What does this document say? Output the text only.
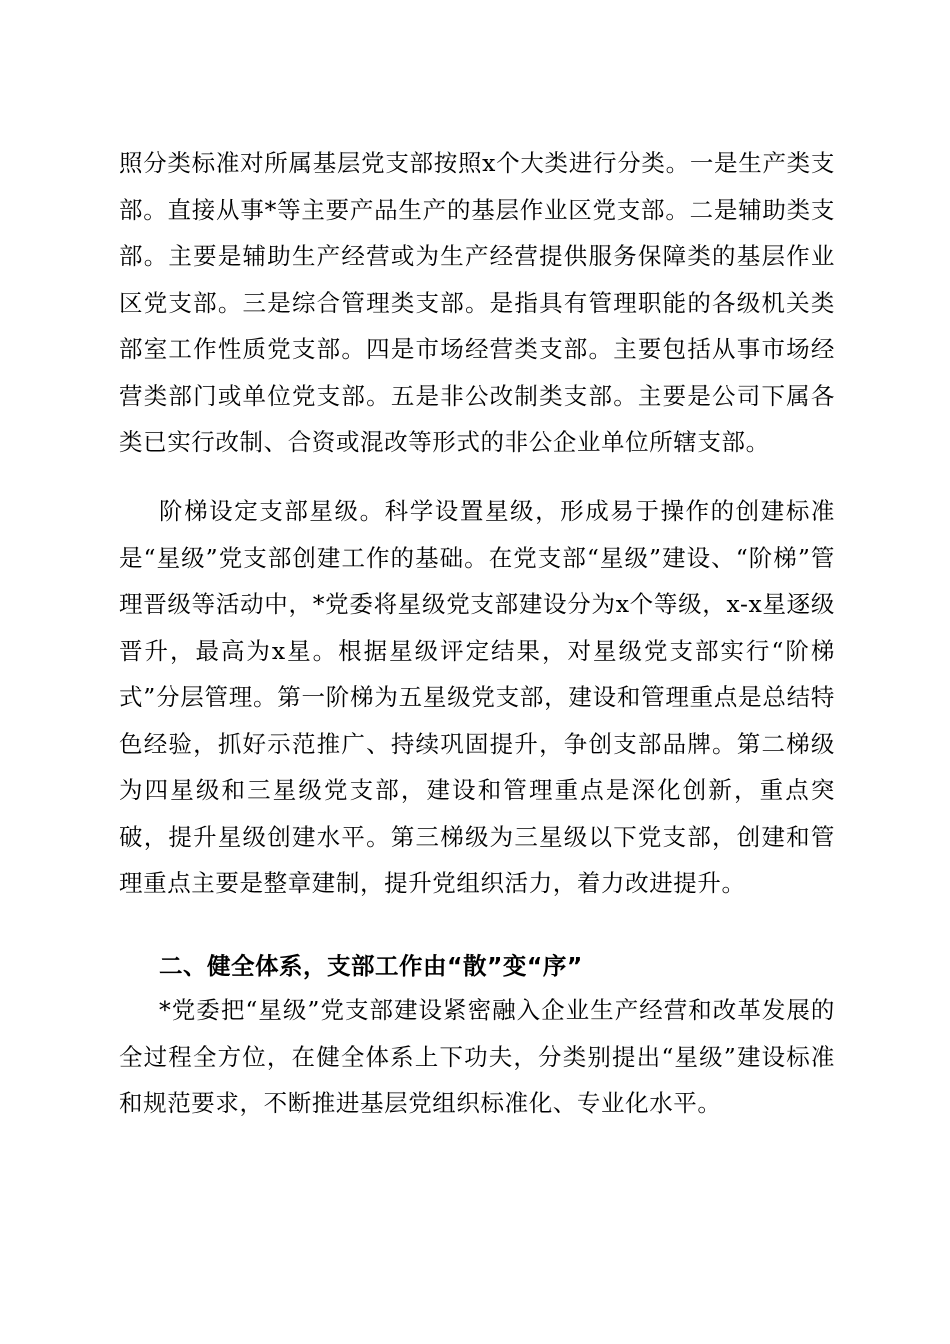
照分类标准对所属基层党支部按照x个大类进行分类。一是生产类支部。直接从事*等主要产品生产的基层作业区党支部。二是辅助类支部。主要是辅助生产经营或为生产经营提供服务保障类的基层作业区党支部。三是综合管理类支部。是指具有管理职能的各级机关类部室工作性质党支部。四是市场经营类支部。主要包括从事市场经营类部门或单位党支部。五是非公改制类支部。主要是公司下属各类已实行改制、合资或混改等形式的非公企业单位所辖支部。

阶梯设定支部星级。科学设置星级，形成易于操作的创建标准是“星级”党支部创建工作的基础。在党支部“星级”建设、“阶梯”管理晋级等活动中，*党委将星级党支部建设分为x个等级，x-x星逐级晋升，最高为x星。根据星级评定结果，对星级党支部实行“阶梯式”分层管理。第一阶梯为五星级党支部，建设和管理重点是总结特色经验，抓好示范推广、持续巩固提升，争创支部品牌。第二梯级为四星级和三星级党支部，建设和管理重点是深化创新，重点突破，提升星级创建水平。第三梯级为三星级以下党支部，创建和管理重点主要是整章建制，提升党组织活力，着力改进提升。

二、健全体系，支部工作由“散”变“序”

*党委把“星级”党支部建设紧密融入企业生产经营和改革发展的全过程全方位，在健全体系上下功夫，分类别提出“星级”建设标准和规范要求，不断推进基层党组织标准化、专业化水平。
